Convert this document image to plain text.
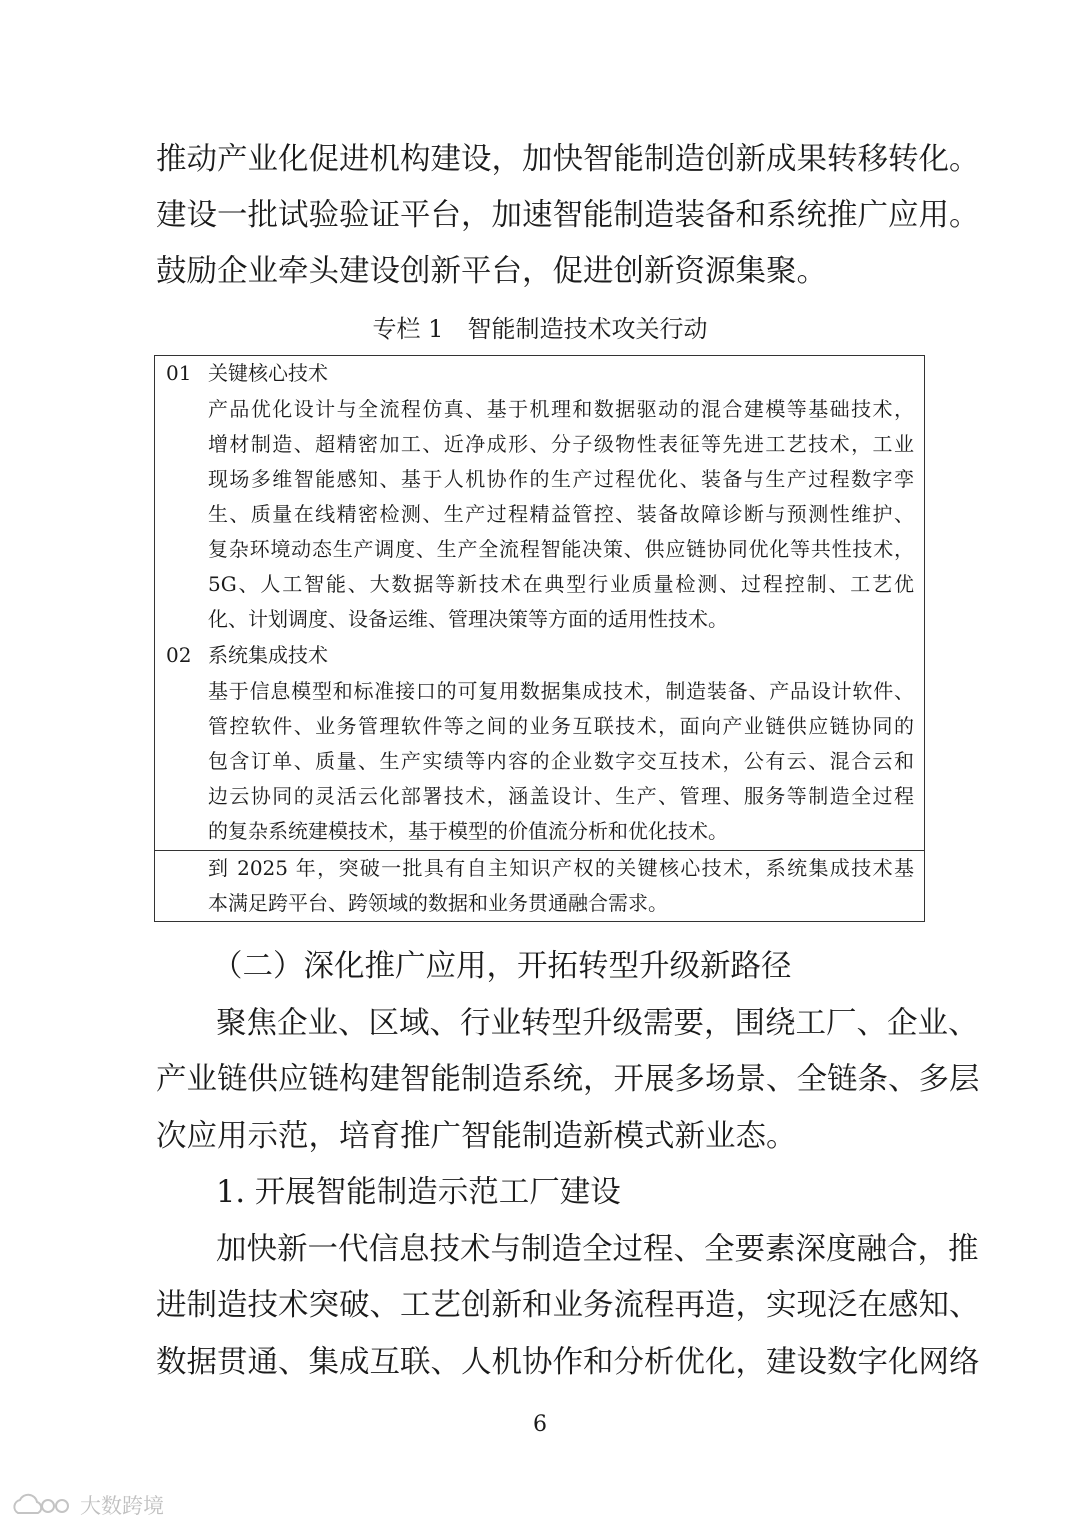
推动产业化促进机构建设，加快智能制造创新成果转移转化。
建设一批试验验证平台，加速智能制造装备和系统推广应用。
鼓励企业牵头建设创新平台，促进创新资源集聚。
专栏 1　智能制造技术攻关行动
01 关键核心技术
产品优化设计与全流程仿真、基于机理和数据驱动的混合建模等基础技术，
增材制造、超精密加工、近净成形、分子级物性表征等先进工艺技术，工业
现场多维智能感知、基于人机协作的生产过程优化、装备与生产过程数字孪
生、质量在线精密检测、生产过程精益管控、装备故障诊断与预测性维护、
复杂环境动态生产调度、生产全流程智能决策、供应链协同优化等共性技术，
5G、人工智能、大数据等新技术在典型行业质量检测、过程控制、工艺优
化、计划调度、设备运维、管理决策等方面的适用性技术。
02 系统集成技术
基于信息模型和标准接口的可复用数据集成技术，制造装备、产品设计软件、
管控软件、业务管理软件等之间的业务互联技术，面向产业链供应链协同的
包含订单、质量、生产实绩等内容的企业数字交互技术，公有云、混合云和
边云协同的灵活云化部署技术，涵盖设计、生产、管理、服务等制造全过程
的复杂系统建模技术，基于模型的价值流分析和优化技术。
到 2025 年，突破一批具有自主知识产权的关键核心技术，系统集成技术基
本满足跨平台、跨领域的数据和业务贯通融合需求。
（二）深化推广应用，开拓转型升级新路径
聚焦企业、区域、行业转型升级需要，围绕工厂、企业、
产业链供应链构建智能制造系统，开展多场景、全链条、多层
次应用示范，培育推广智能制造新模式新业态。
1. 开展智能制造示范工厂建设
加快新一代信息技术与制造全过程、全要素深度融合，推
进制造技术突破、工艺创新和业务流程再造，实现泛在感知、
数据贯通、集成互联、人机协作和分析优化，建设数字化网络
6
大数跨境
